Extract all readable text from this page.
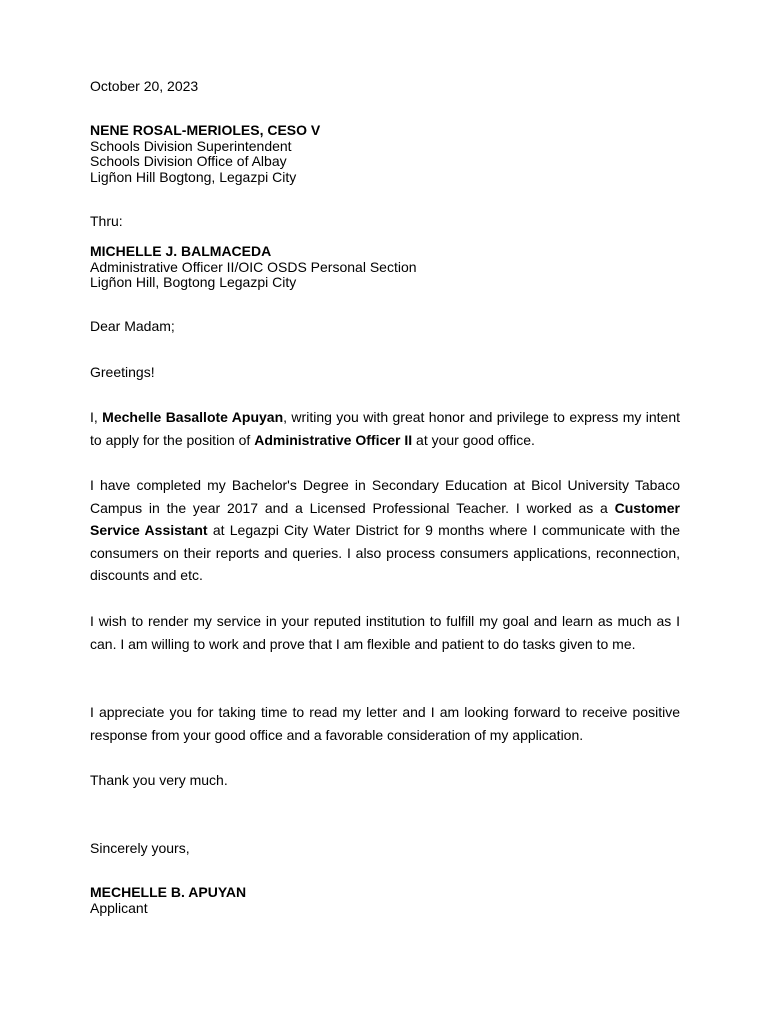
October 20, 2023
NENE ROSAL-MERIOLES, CESO V
Schools Division Superintendent
Schools Division Office of Albay
Ligñon Hill Bogtong, Legazpi City
Thru:
MICHELLE J. BALMACEDA
Administrative Officer II/OIC OSDS Personal Section
Ligñon Hill, Bogtong Legazpi City
Dear Madam;
Greetings!
I, Mechelle Basallote Apuyan, writing you with great honor and privilege to express my intent to apply for the position of Administrative Officer II at your good office.
I have completed my Bachelor's Degree in Secondary Education at Bicol University Tabaco Campus in the year 2017 and a Licensed Professional Teacher. I worked as a Customer Service Assistant at Legazpi City Water District for 9 months where I communicate with the consumers on their reports and queries. I also process consumers applications, reconnection, discounts and etc.
I wish to render my service in your reputed institution to fulfill my goal and learn as much as I can. I am willing to work and prove that I am flexible and patient to do tasks given to me.
I appreciate you for taking time to read my letter and I am looking forward to receive positive response from your good office and a favorable consideration of my application.
Thank you very much.
Sincerely yours,
MECHELLE B. APUYAN
Applicant
